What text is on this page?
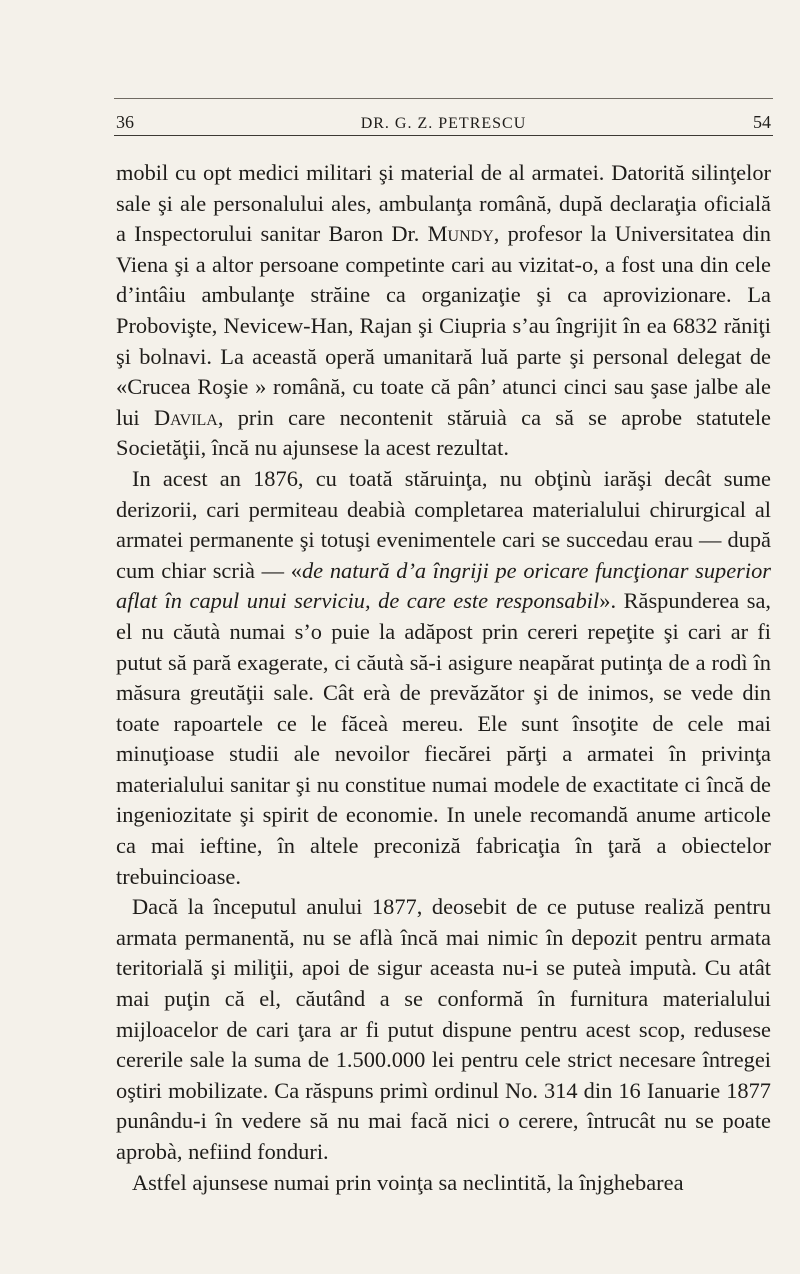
36	DR. G. Z. PETRESCU	54

mobil cu opt medici militari şi material de al armatei. Datorită silinţelor sale şi ale personalului ales, ambulanţa română, după declaraţia oficială a Inspectorului sanitar Baron Dr. Mundy, profesor la Universitatea din Viena şi a altor persoane competinte cari au vizitat-o, a fost una din cele d’intâiu ambulanţe străine ca organizaţie şi ca aprovizionare. La Probovişte, Nevicew-Han, Rajan şi Ciupria s’au îngrijit în ea 6832 răniţi şi bolnavi. La această operă umanitară luă parte şi personal delegat de «Crucea Roşie » română, cu toate că pân’ atunci cinci sau şase jalbe ale lui Davila, prin care necontenit stăruià ca să se aprobe statutele Societăţii, încă nu ajunsese la acest rezultat.

In acest an 1876, cu toată stăruinţa, nu obţinù iarăşi decât sume derizorii, cari permiteau deabià completarea materialului chirurgical al armatei permanente şi totuşi evenimentele cari se succedau erau — după cum chiar scrià — «de natură d’a îngriji pe oricare funcţionar superior aflat în capul unui serviciu, de care este responsabil». Răspunderea sa, el nu căutà numai s’o puie la adăpost prin cereri repeţite şi cari ar fi putut să pară exagerate, ci căutà să-i asigure neapărat putinţa de a rodì în măsura greutăţii sale. Cât erà de prevăzător şi de inimos, se vede din toate rapoartele ce le făceà mereu. Ele sunt însoţite de cele mai minuţioase studii ale nevoilor fiecărei părţi a armatei în privinţa materialului sanitar şi nu constitue numai modele de exactitate ci încă de ingeniozitate şi spirit de economie. In unele recomandă anume articole ca mai ieftine, în altele preconiză fabricaţia în ţară a obiectelor trebuincioase.

Dacă la începutul anului 1877, deosebit de ce putuse realiză pentru armata permanentă, nu se aflà încă mai nimic în depozit pentru armata teritorială şi miliţii, apoi de sigur aceasta nu-i se puteà imputà. Cu atât mai puţin că el, căutând a se conformă în furnitura materialului mijloacelor de cari ţara ar fi putut dispune pentru acest scop, redusese cererile sale la suma de 1.500.000 lei pentru cele strict necesare întregei oştiri mobilizate. Ca răspuns primì ordinul No. 314 din 16 Ianuarie 1877 punându-i în vedere să nu mai facă nici o cerere, întrucât nu se poate aprobà, nefiind fonduri.

Astfel ajunsese numai prin voinţa sa neclintită, la înjghebarea
